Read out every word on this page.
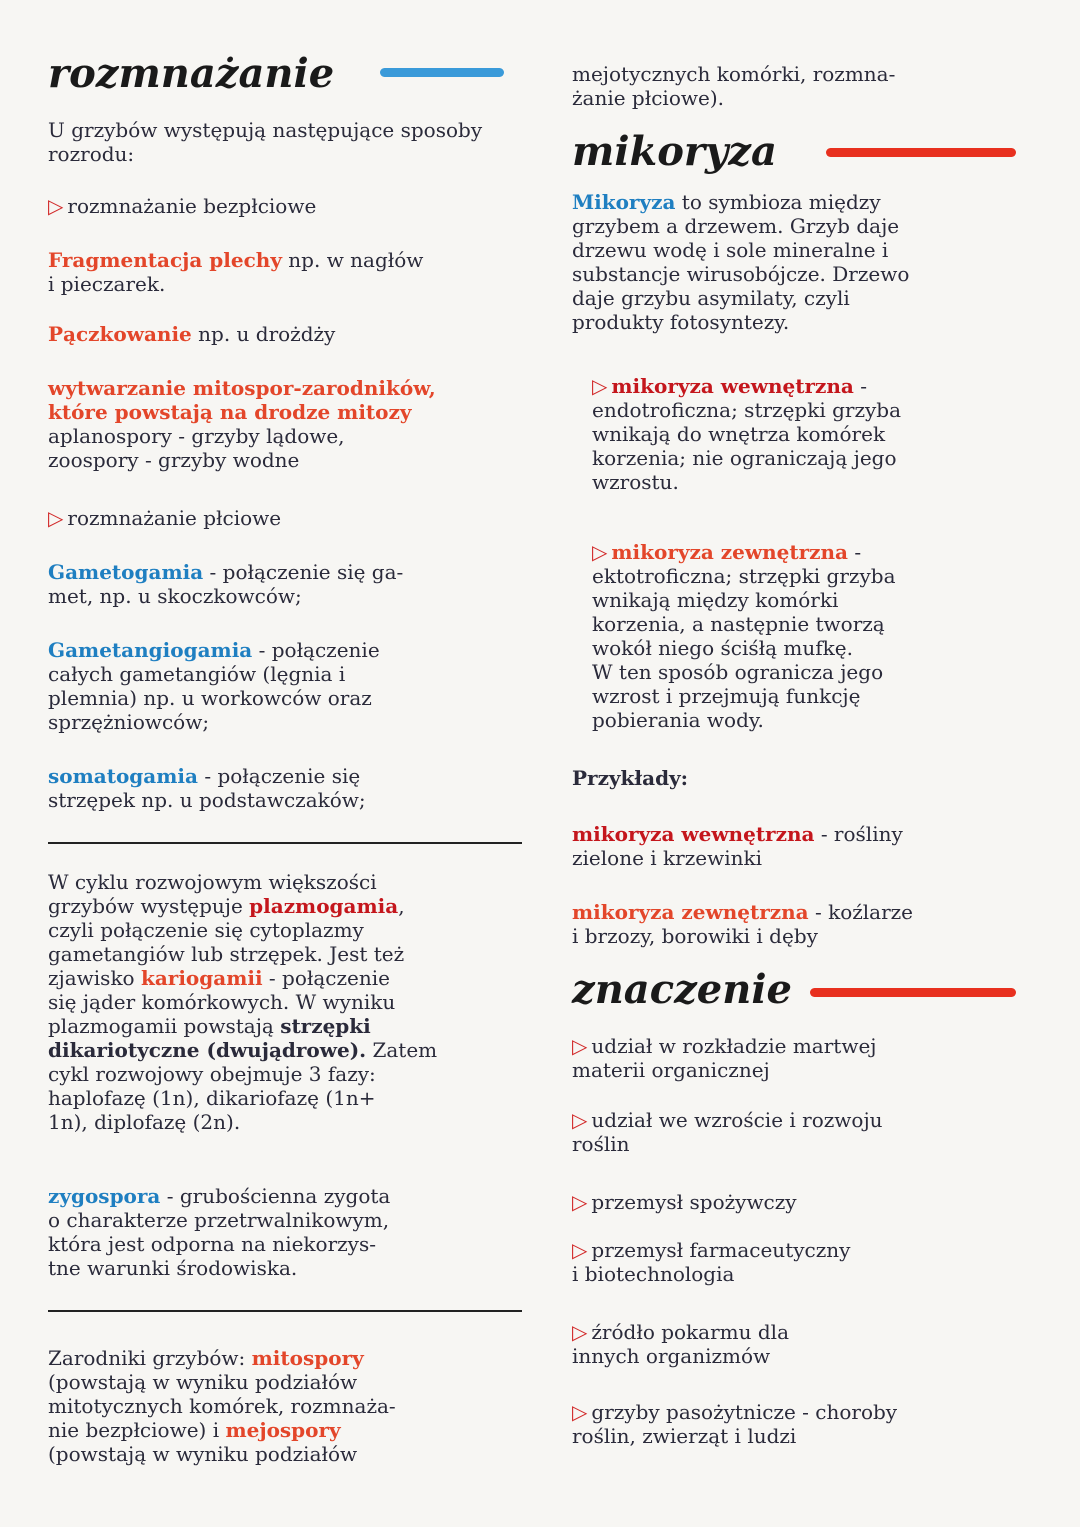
rozmnażanie
U grzybów występują następujące sposoby rozrodu:
▷ rozmnażanie bezpłciowe
Fragmentacja plechy np. w nagłów
i pieczarek.
Pączkowanie np. u drożdży
wytwarzanie mitospor-zarodników,
które powstają na drodze mitozy
aplanospory - grzyby lądowe,
zoospory - grzyby wodne
▷ rozmnażanie płciowe
Gametogamia - połączenie się ga-
met, np. u skoczkowców;
Gametangiogamia - połączenie
całych gametangiów (lęgnia i
plemnia) np. u workowców oraz
sprzężniowców;
somatogamia - połączenie się
strzępek np. u podstawczaków;
W cyklu rozwojowym większości
grzybów występuje plazmogamia,
czyli połączenie się cytoplazmy
gametangiów lub strzępek. Jest też
zjawisko kariogamii - połączenie
się jąder komórkowych. W wyniku
plazmogamii powstają strzępki
dikariotyczne (dwujądrowe). Zatem
cykl rozwojowy obejmuje 3 fazy:
haplofazę (1n), dikariofazę (1n+
1n), diplofazę (2n).
zygospora - grubościenna zygota
o charakterze przetrwalnikowym,
która jest odporna na niekorzys-
tne warunki środowiska.
Zarodniki grzybów: mitospory
(powstają w wyniku podziałów
mitotycznych komórek, rozmnaża-
nie bezpłciowe) i mejospory
(powstają w wyniku podziałów
mejotycznych komórki, rozmna-
żanie płciowe).
mikoryza
Mikoryza to symbioza między
grzybem a drzewem. Grzyb daje
drzewu wodę i sole mineralne i
substancje wirusobójcze. Drzewo
daje grzybu asymilaty, czyli
produkty fotosyntezy.
▷ mikoryza wewnętrzna -
endotroficzna; strzępki grzyba
wnikają do wnętrza komórek
korzenia; nie ograniczają jego
wzrostu.
▷ mikoryza zewnętrzna -
ektotroficzna; strzępki grzyba
wnikają między komórki
korzenia, a następnie tworzą
wokół niego ściśłą mufkę.
W ten sposób ogranicza jego
wzrost i przejmują funkcję
pobierania wody.
Przykłady:
mikoryza wewnętrzna - rośliny
zielone i krzewinki
mikoryza zewnętrzna - koźlarze
i brzozy, borowiki i dęby
znaczenie
▷ udział w rozkładzie martwej
materii organicznej
▷ udział we wzroście i rozwoju
roślin
▷ przemysł spożywczy
▷ przemysł farmaceutyczny
i biotechnologia
▷ źródło pokarmu dla
innych organizmów
▷ grzyby pasożytnicze - choroby
roślin, zwierząt i ludzi
